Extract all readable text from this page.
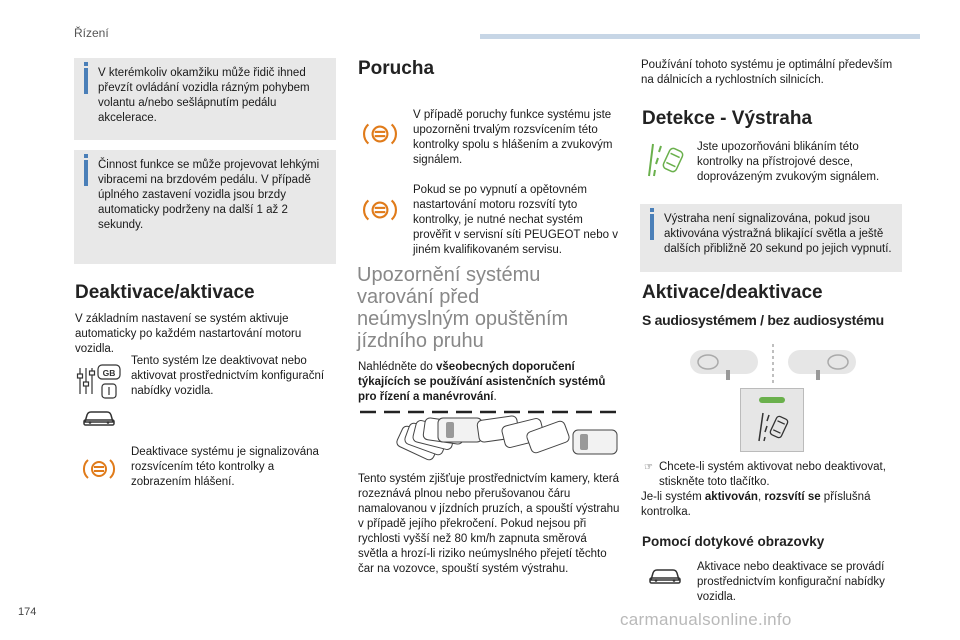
Řízení
V kterémkoliv okamžiku může řidič ihned převzít ovládání vozidla rázným pohybem volantu a/nebo sešlápnutím pedálu akcelerace.
Činnost funkce se může projevovat lehkými vibracemi na brzdovém pedálu. V případě úplného zastavení vozidla jsou brzdy automaticky podrženy na další 1 až 2 sekundy.
Deaktivace/aktivace
V základním nastavení se systém aktivuje automaticky po každém nastartování motoru vozidla.
GB
Tento systém lze deaktivovat nebo aktivovat prostřednictvím konfigurační nabídky vozidla.
Deaktivace systému je signalizována rozsvícením této kontrolky a zobrazením hlášení.
Porucha
V případě poruchy funkce systému jste upozorněni trvalým rozsvícením této kontrolky spolu s hlášením a zvukovým signálem.
Pokud se po vypnutí a opětovném nastartování motoru rozsvítí tyto kontrolky, je nutné nechat systém prověřit v servisní síti PEUGEOT nebo v jiném kvalifikovaném servisu.
Upozornění systému varování před neúmyslným opuštěním jízdního pruhu
Nahlédněte do všeobecných doporučení týkajících se používání asistenčních systémů pro řízení a manévrování.
Tento systém zjišťuje prostřednictvím kamery, která rozeznává plnou nebo přerušovanou čáru namalovanou v jízdních pruzích, a spouští výstrahu v případě jejího překročení. Pokud nejsou při rychlosti vyšší než 80 km/h zapnuta směrová světla a hrozí-li riziko neúmyslného přejetí těchto čar na vozovce, spouští systém výstrahu.
Používání tohoto systému je optimální především na dálnicích a rychlostních silnicích.
Detekce - Výstraha
Jste upozorňováni blikáním této kontrolky na přístrojové desce, doprovázeným zvukovým signálem.
Výstraha není signalizována, pokud jsou aktivována výstražná blikající světla a ještě dalších přibližně 20 sekund po jejich vypnutí.
Aktivace/deaktivace
S audiosystémem / bez audiosystému
☞ Chcete-li systém aktivovat nebo deaktivovat, stiskněte toto tlačítko.
Je-li systém aktivován, rozsvítí se příslušná kontrolka.
Pomocí dotykové obrazovky
Aktivace nebo deaktivace se provádí prostřednictvím konfigurační nabídky vozidla.
174	carmanualsonline.info
